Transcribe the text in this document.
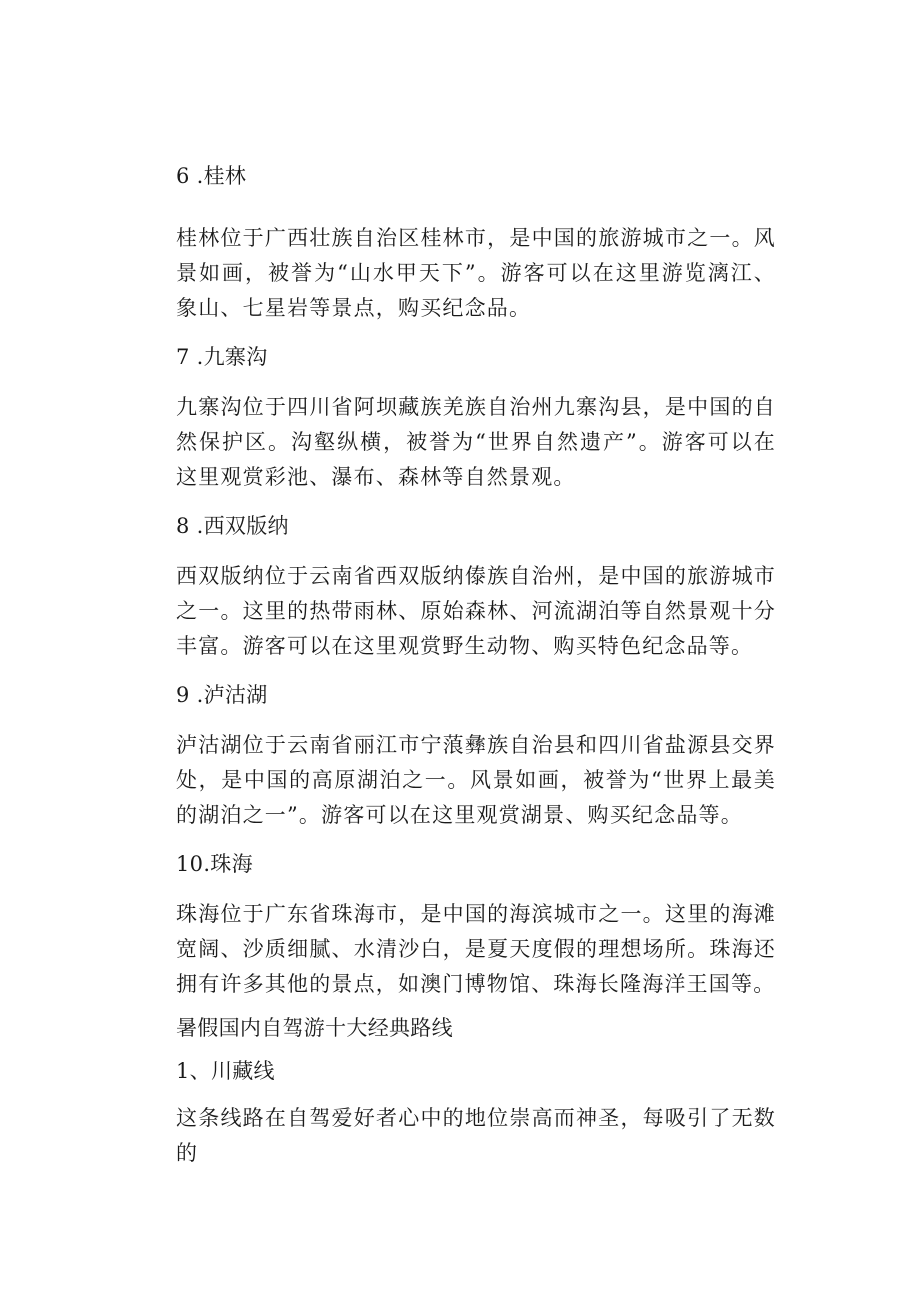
6 .桂林

桂林位于广西壮族自治区桂林市，是中国的旅游城市之一。风景如画，被誉为“山水甲天下”。游客可以在这里游览漓江、象山、七星岩等景点，购买纪念品。

7 .九寨沟

九寨沟位于四川省阿坝藏族羌族自治州九寨沟县，是中国的自然保护区。沟壑纵横，被誉为“世界自然遗产”。游客可以在这里观赏彩池、瀑布、森林等自然景观。

8 .西双版纳

西双版纳位于云南省西双版纳傣族自治州，是中国的旅游城市之一。这里的热带雨林、原始森林、河流湖泊等自然景观十分丰富。游客可以在这里观赏野生动物、购买特色纪念品等。

9 .泸沽湖

泸沽湖位于云南省丽江市宁蒗彝族自治县和四川省盐源县交界处，是中国的高原湖泊之一。风景如画，被誉为“世界上最美的湖泊之一”。游客可以在这里观赏湖景、购买纪念品等。

10.珠海

珠海位于广东省珠海市，是中国的海滨城市之一。这里的海滩宽阔、沙质细腻、水清沙白，是夏天度假的理想场所。珠海还拥有许多其他的景点，如澳门博物馆、珠海长隆海洋王国等。

暑假国内自驾游十大经典路线
1、川藏线

这条线路在自驾爱好者心中的地位崇高而神圣，每吸引了无数的
